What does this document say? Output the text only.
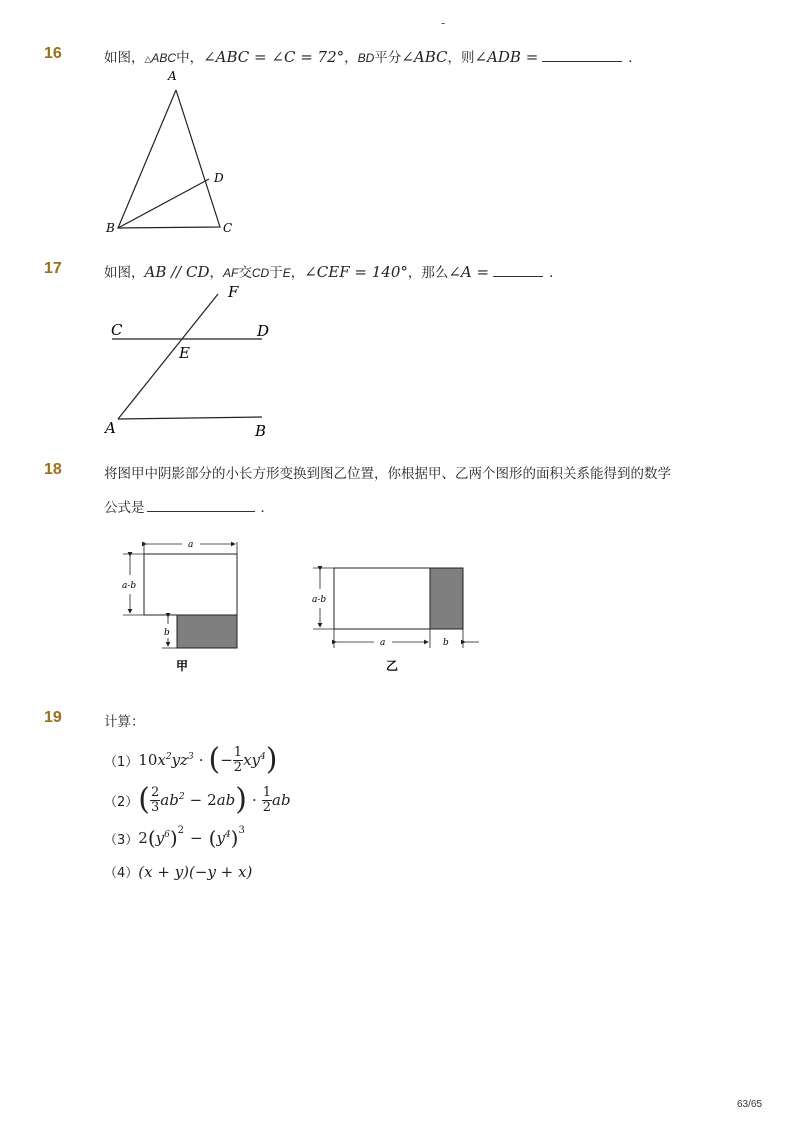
-
16	如图，△ABC中，∠ABC = ∠C = 72°，BD平分∠ABC，则∠ADB =	．
A
B	C
D
17	如图，AB // CD，AF交CD于E，∠CEF = 140°，那么∠A =	．
F
C	D
E
A	B
18	将图甲中阴影部分的小长方形变换到图乙位置，你根据甲、乙两个图形的面积关系能得到的数学
公式是	．
a
a-b
b
甲
a-b
a	b
乙
19	计算：
（1） 10 $x^2yz^3$ · ( − $\frac{1}{2} xy^4$ )
（2） ( $\frac{2}{3} ab^2 - 2$ ab ) · $\frac{1}{2}$ ab
（3） 2 ( $y^6$ )$^2$ − ( $y^4$ )$^3$
（4）(x + y)(−y + x)
63/65
